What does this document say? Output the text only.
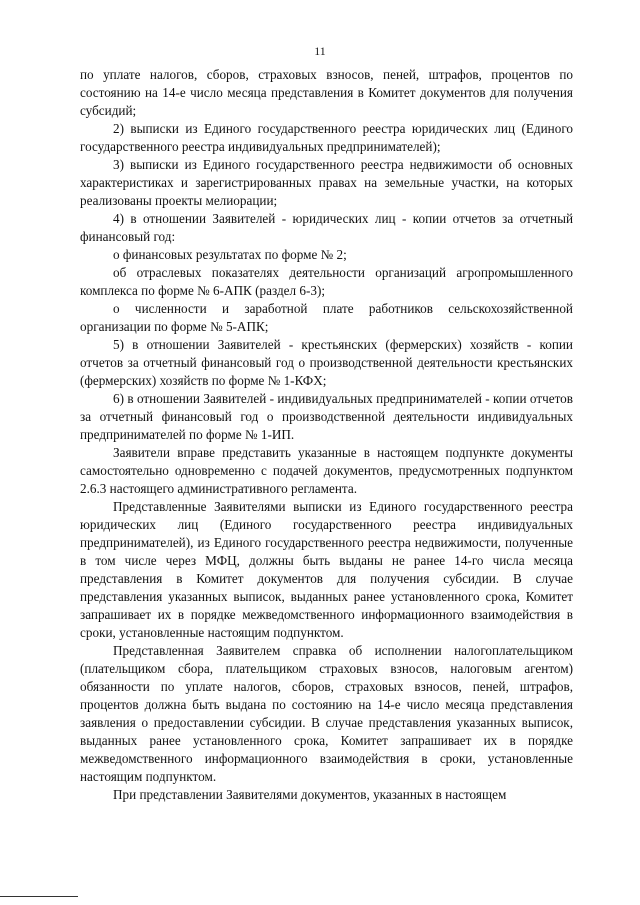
11

по уплате налогов, сборов, страховых взносов, пеней, штрафов, процентов по состоянию на 14-е число месяца представления в Комитет документов для получения субсидий;

2) выписки из Единого государственного реестра юридических лиц (Единого государственного реестра индивидуальных предпринимателей);

3) выписки из Единого государственного реестра недвижимости об основных характеристиках и зарегистрированных правах на земельные участки, на которых реализованы проекты мелиорации;

4) в отношении Заявителей - юридических лиц - копии отчетов за отчетный финансовый год:

о финансовых результатах по форме № 2;

об отраслевых показателях деятельности организаций агропромышленного комплекса по форме № 6-АПК (раздел 6-3);

о численности и заработной плате работников сельскохозяйственной организации по форме № 5-АПК;

5) в отношении Заявителей - крестьянских (фермерских) хозяйств - копии отчетов за отчетный финансовый год о производственной деятельности крестьянских (фермерских) хозяйств по форме № 1-КФХ;

6) в отношении Заявителей - индивидуальных предпринимателей - копии отчетов за отчетный финансовый год о производственной деятельности индивидуальных предпринимателей по форме № 1-ИП.

Заявители вправе представить указанные в настоящем подпункте документы самостоятельно одновременно с подачей документов, предусмотренных подпунктом 2.6.3 настоящего административного регламента.

Представленные Заявителями выписки из Единого государственного реестра юридических лиц (Единого государственного реестра индивидуальных предпринимателей), из Единого государственного реестра недвижимости, полученные в том числе через МФЦ, должны быть выданы не ранее 14-го числа месяца представления в Комитет документов для получения субсидии. В случае представления указанных выписок, выданных ранее установленного срока, Комитет запрашивает их в порядке межведомственного информационного взаимодействия в сроки, установленные настоящим подпунктом.

Представленная Заявителем справка об исполнении налогоплательщиком (плательщиком сбора, плательщиком страховых взносов, налоговым агентом) обязанности по уплате налогов, сборов, страховых взносов, пеней, штрафов, процентов должна быть выдана по состоянию на 14-е число месяца представления заявления о предоставлении субсидии. В случае представления указанных выписок, выданных ранее установленного срока, Комитет запрашивает их в порядке межведомственного информационного взаимодействия в сроки, установленные настоящим подпунктом.

При представлении Заявителями документов, указанных в настоящем
